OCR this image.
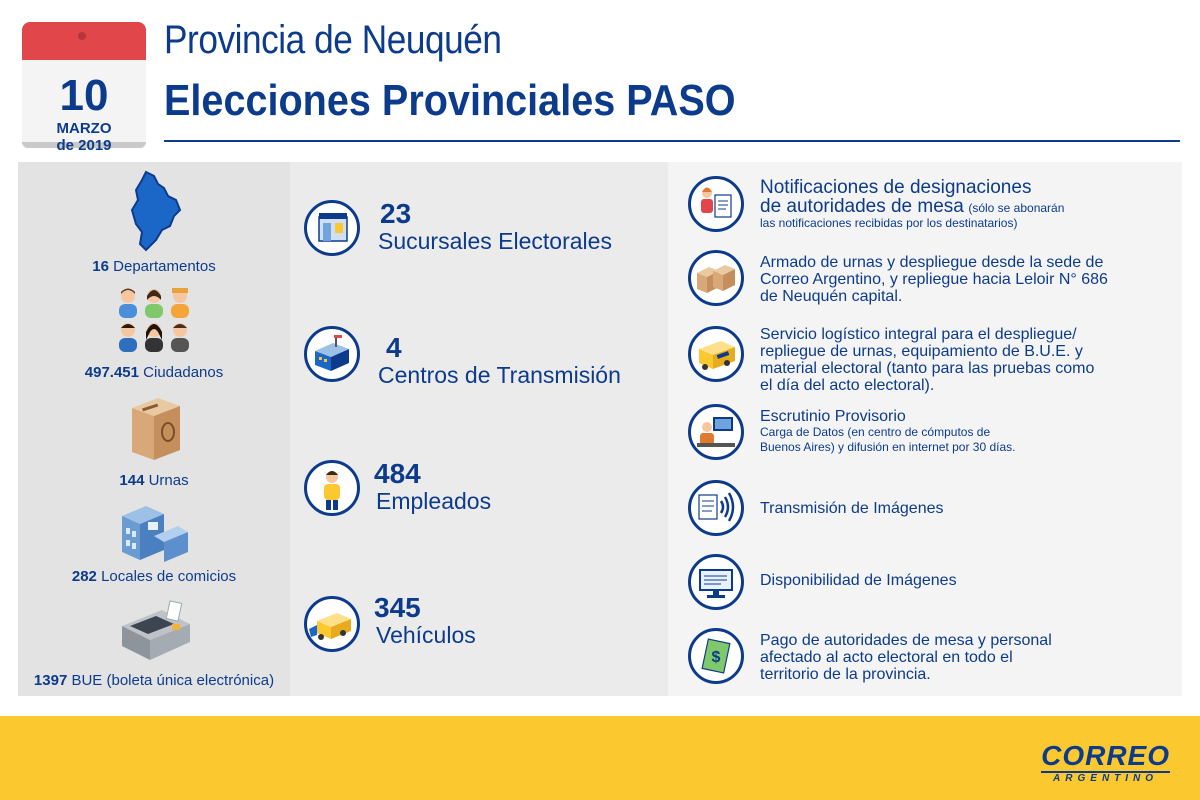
10
MARZO
de 2019
Provincia de Neuquén
Elecciones Provinciales PASO
16 Departamentos
497.451 Ciudadanos
144 Urnas
282 Locales de comicios
1397 BUE (boleta única electrónica)
23
Sucursales Electorales
4
Centros de Transmisión
484
Empleados
345
Vehículos
Notificaciones de designaciones
de autoridades de mesa (sólo se abonarán
las notificaciones recibidas por los destinatarios)
Armado de urnas y despliegue desde la sede de
Correo Argentino, y repliegue hacia Leloir N° 686
de Neuquén capital.
Servicio logístico integral para el despliegue/
repliegue de urnas, equipamiento de B.U.E. y
material electoral (tanto para las pruebas como
el día del acto electoral).
Escrutinio Provisorio
Carga de Datos (en centro de cómputos de
Buenos Aires) y difusión en internet por 30 días.
Transmisión de Imágenes
Disponibilidad de Imágenes
$
Pago de autoridades de mesa y personal
afectado al acto electoral en todo el
territorio de la provincia.
CORREO
ARGENTINO
